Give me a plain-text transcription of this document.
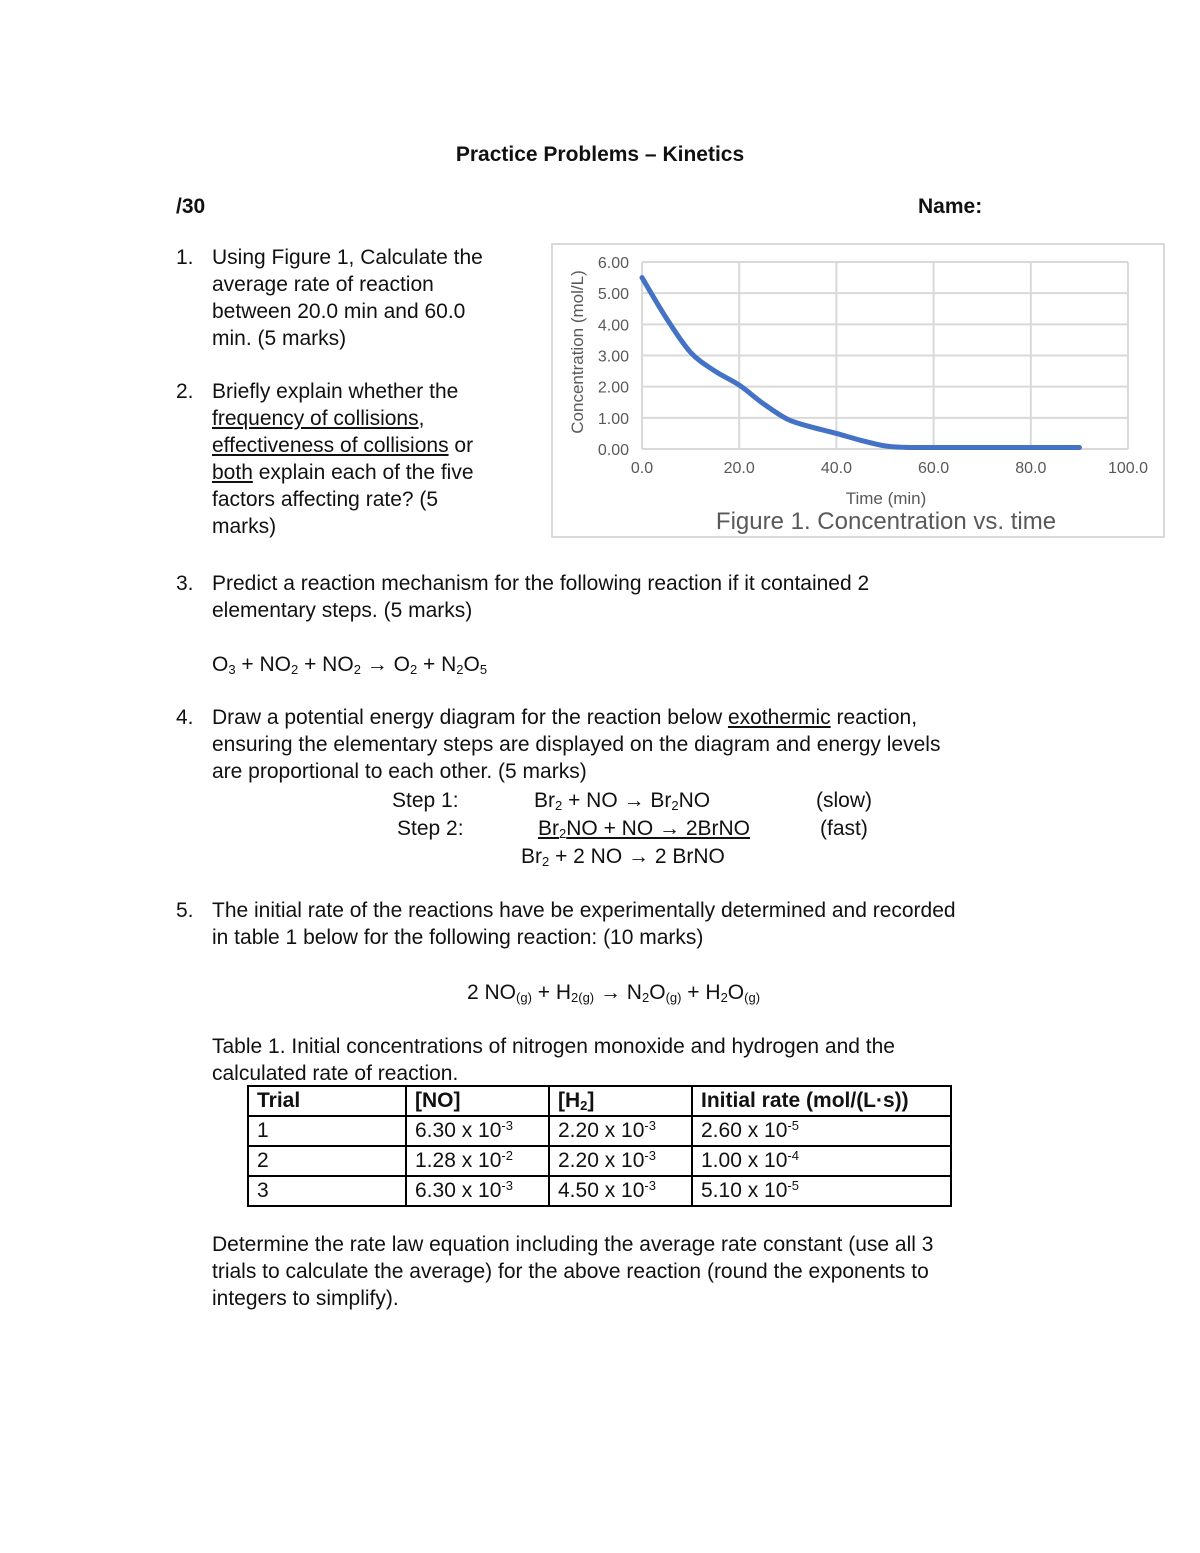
Practice Problems – Kinetics
/30	Name:
1. Using Figure 1, Calculate the
average rate of reaction
between 20.0 min and 60.0
min. (5 marks)
2. Briefly explain whether the
frequency of collisions,
effectiveness of collisions or
both explain each of the five
factors affecting rate? (5
marks)
0.00
1.00
2.00
3.00
4.00
5.00
6.00
0.0	20.0	40.0	60.0	80.0	100.0
Concentration (mol/L)
Time (min)
Figure 1. Concentration vs. time
3. Predict a reaction mechanism for the following reaction if it contained 2
elementary steps. (5 marks)
$O_3 + NO_2 + NO_2 \to O_2 + N_2O_5$
4. Draw a potential energy diagram for the reaction below exothermic reaction,
ensuring the elementary steps are displayed on the diagram and energy levels
are proportional to each other. (5 marks)
Step 1:	$Br_2$ + NO → $Br_2NO$	(slow)
Step 2:	$Br_2NO$ + NO → 2BrNO	(fast)
$Br_2 + 2$ NO → 2 BrNO
5. The initial rate of the reactions have be experimentally determined and recorded
in table 1 below for the following reaction: (10 marks)
2 $NO_{(g)} + H_{2(g)} \to N_2O_{(g)} + H_2O_{(g)}$
Table 1. Initial concentrations of nitrogen monoxide and hydrogen and the
calculated rate of reaction.
Trial	[NO]	$[H_2]$	Initial rate (mol/(L·s))
1	6.30 x $10^{-3}$	2.20 x $10^{-3}$	2.60 x $10^{-5}$
2	1.28 x $10^{-2}$	2.20 x $10^{-3}$	1.00 x $10^{-4}$
3	6.30 x $10^{-3}$	4.50 x $10^{-3}$	5.10 x $10^{-5}$
Determine the rate law equation including the average rate constant (use all 3
trials to calculate the average) for the above reaction (round the exponents to
integers to simplify).
